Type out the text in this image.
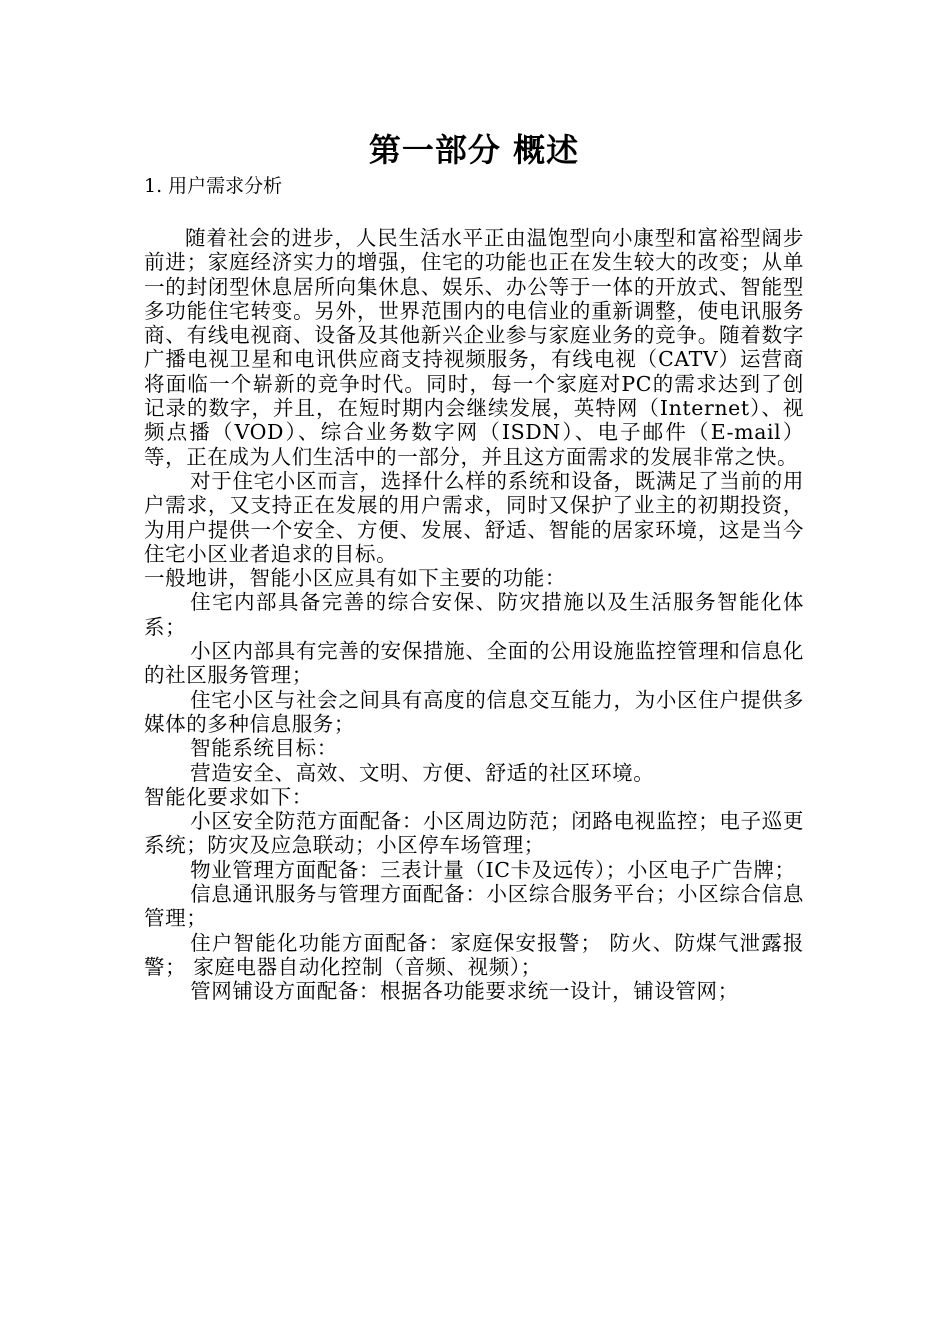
第一部分 概述
1. 用户需求分析

随着社会的进步，人民生活水平正由温饱型向小康型和富裕型阔步前进；家庭经济实力的增强，住宅的功能也正在发生较大的改变；从单一的封闭型休息居所向集休息、娱乐、办公等于一体的开放式、智能型多功能住宅转变。另外，世界范围内的电信业的重新调整，使电讯服务商、有线电视商、设备及其他新兴企业参与家庭业务的竞争。随着数字广播电视卫星和电讯供应商支持视频服务，有线电视（CATV）运营商将面临一个崭新的竞争时代。同时，每一个家庭对PC的需求达到了创记录的数字，并且，在短时期内会继续发展，英特网（Internet）、视频点播（VOD）、综合业务数字网（ISDN）、电子邮件（E-mail）等，正在成为人们生活中的一部分，并且这方面需求的发展非常之快。

对于住宅小区而言，选择什么样的系统和设备，既满足了当前的用户需求，又支持正在发展的用户需求，同时又保护了业主的初期投资，为用户提供一个安全、方便、发展、舒适、智能的居家环境，这是当今住宅小区业者追求的目标。

一般地讲，智能小区应具有如下主要的功能：

住宅内部具备完善的综合安保、防灾措施以及生活服务智能化体系；

小区内部具有完善的安保措施、全面的公用设施监控管理和信息化的社区服务管理；

住宅小区与社会之间具有高度的信息交互能力，为小区住户提供多媒体的多种信息服务；

智能系统目标：

营造安全、高效、文明、方便、舒适的社区环境。

智能化要求如下：

小区安全防范方面配备：小区周边防范；闭路电视监控；电子巡更系统；防灾及应急联动；小区停车场管理；

物业管理方面配备：三表计量（IC卡及远传）；小区电子广告牌；

信息通讯服务与管理方面配备：小区综合服务平台；小区综合信息管理；

住户智能化功能方面配备：家庭保安报警； 防火、防煤气泄露报警； 家庭电器自动化控制（音频、视频）；

管网铺设方面配备：根据各功能要求统一设计，铺设管网；
